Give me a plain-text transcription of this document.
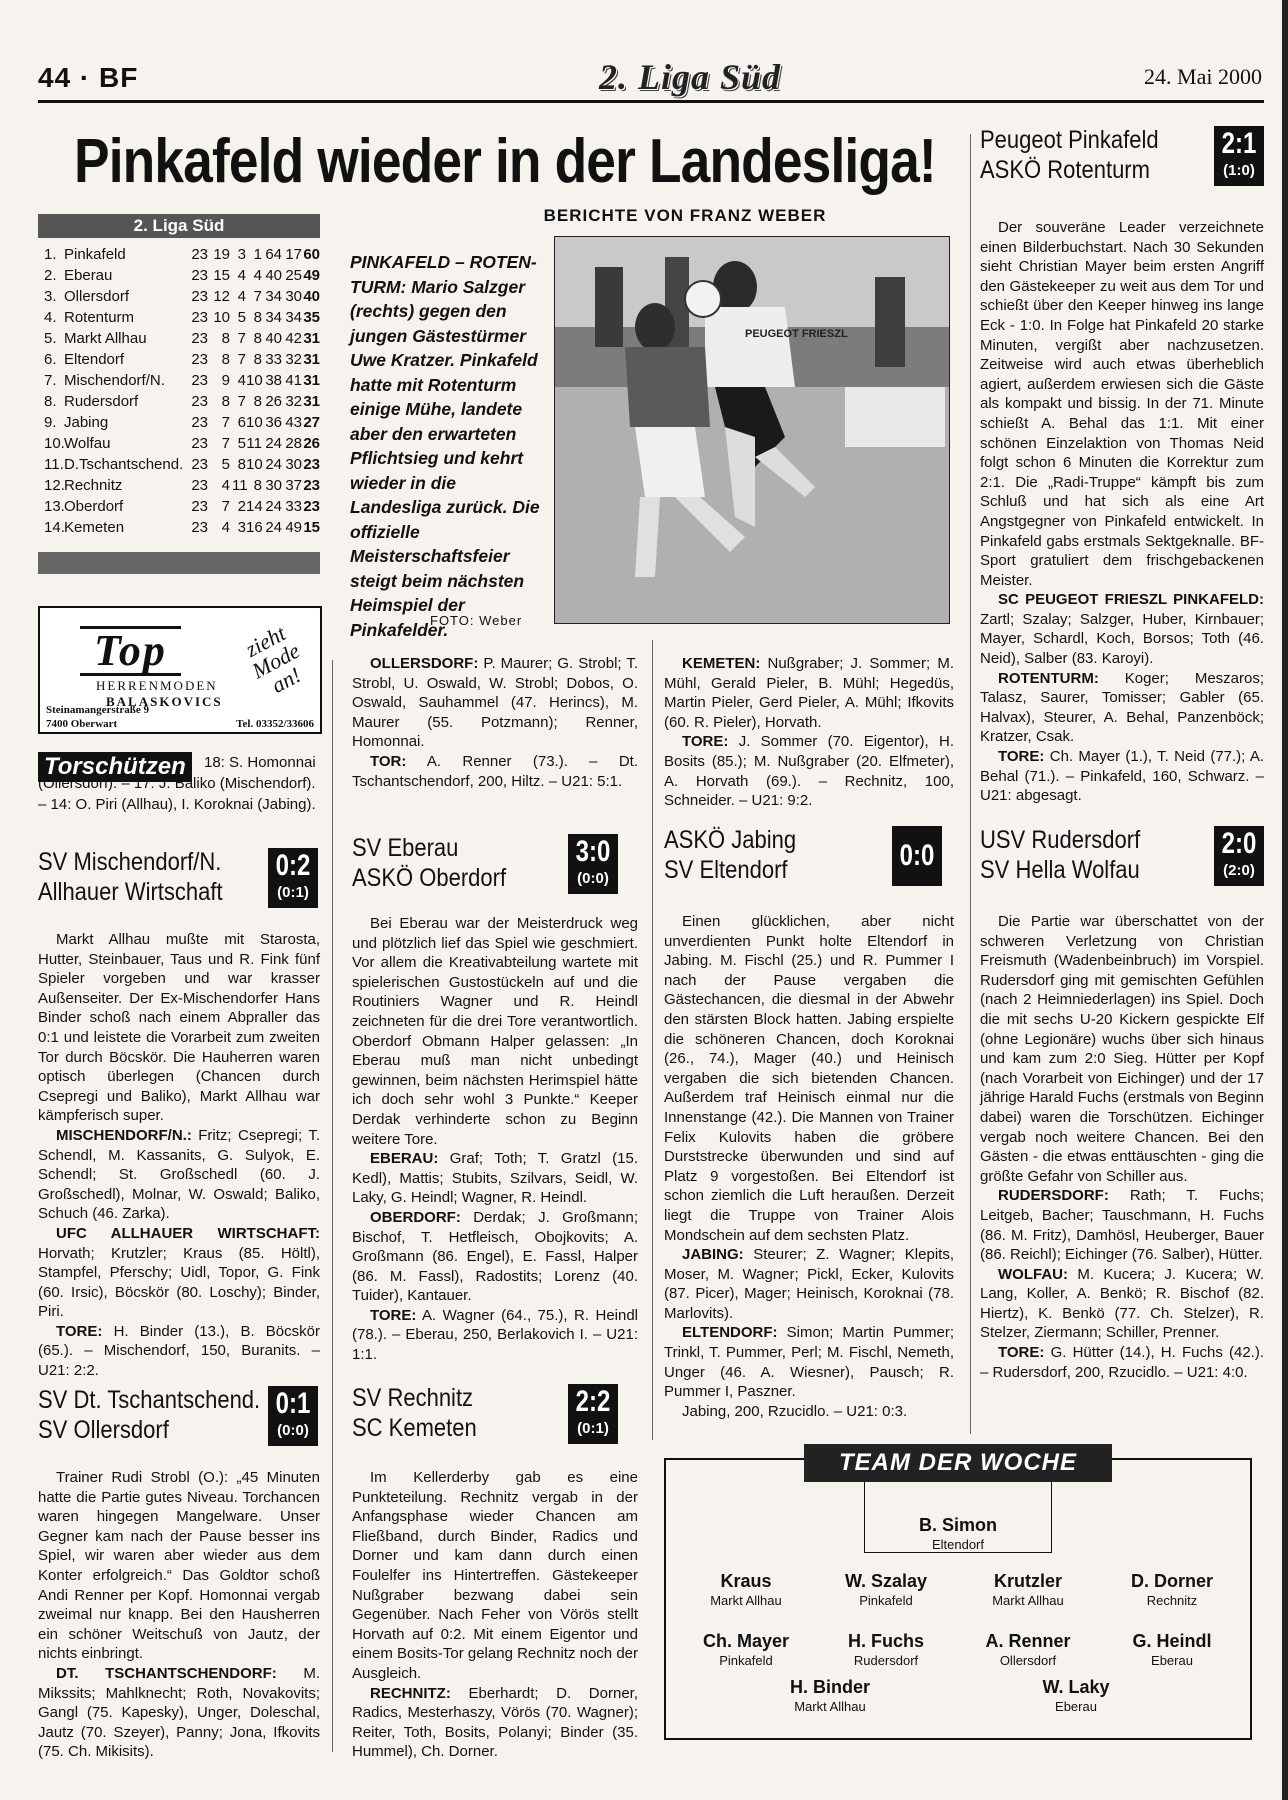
44 · BF	2. Liga Süd	24. Mai 2000
Pinkafeld wieder in der Landesliga!
BERICHTE VON FRANZ WEBER
2. Liga Süd
1. Pinkafeld	23 19 3 1 64 17 60
2. Eberau	23 15 4 4 40 25 49
3. Ollersdorf	23 12 4 7 34 30 40
4. Rotenturm	23 10 5 8 34 34 35
5. Markt Allhau	23 8 7 8 40 42 31
6. Eltendorf	23 8 7 8 33 32 31
7. Mischendorf/N.	23 9 4 10 38 41 31
8. Rudersdorf	23 8 7 8 26 32 31
9. Jabing	23 7 6 10 36 43 27
10. Wolfau	23 7 5 11 24 28 26
11. D.Tschantschend. 23 5 8 10 24 30 23
12. Rechnitz	23 4 11 8 30 37 23
13. Oberdorf	23 7 2 14 24 33 23
14. Kemeten	23 4 3 16 24 49 15
Top
HERRENMODEN
BALASKOVICS
zieht Mode an!
Steinamangerstraße 9
7400 Oberwart	Tel. 03352/33606
Torschützen	18: S. Homonnai (Ollersdorf). – 17: J. Baliko (Mischendorf). – 14: O. Piri (Allhau), I. Koroknai (Jabing).
PINKAFELD – ROTEN-TURM: Mario Salzger (rechts) gegen den jungen Gästestürmer Uwe Kratzer. Pinkafeld hatte mit Rotenturm einige Mühe, landete aber den erwarteten Pflichtsieg und kehrt wieder in die Landesliga zurück. Die offizielle Meisterschaftsfeier steigt beim nächsten Heimspiel der Pinkafelder.
FOTO: Weber
PEUGEOT FRIESZL
Peugeot Pinkafeld
ASKÖ Rotenturm
2:1
(1:0)
SV Mischendorf/N.
Allhauer Wirtschaft
0:2
(0:1)
SV Eberau
ASKÖ Oberdorf
3:0
(0:0)
ASKÖ Jabing
SV Eltendorf	0:0 USV Rudersdorf
SV Hella Wolfau
2:0
(2:0)
SV Dt. Tschantschend.
SV Ollersdorf
0:1
(0:0)
SV Rechnitz
SC Kemeten
2:2
(0:1)

Der souveräne Leader verzeichnete einen Bilderbuchstart. Nach 30 Sekunden sieht Christian Mayer beim ersten Angriff den Gästekeeper zu weit aus dem Tor und schießt über den Keeper hinweg ins lange Eck - 1:0. In Folge hat Pinkafeld 20 starke Minuten, vergißt aber nachzusetzen. Zeitweise wird auch etwas überheblich agiert, außerdem erwiesen sich die Gäste als kompakt und bissig. In der 71. Minute schießt A. Behal das 1:1. Mit einer schönen Einzelaktion von Thomas Neid folgt schon 6 Minuten die Korrektur zum 2:1. Die „Radi-Truppe“ kämpft bis zum Schluß und hat sich als eine Art Angstgegner von Pinkafeld entwickelt. In Pinkafeld gabs erstmals Sektgeknalle. BF-Sport gratuliert dem frischgebackenen Meister.

SC PEUGEOT FRIESZL PINKAFELD: Zartl; Szalay; Salzger, Huber, Kirnbauer; Mayer, Schardl, Koch, Borsos; Toth (46. Neid), Salber (83. Karoyi).

ROTENTURM: Koger; Meszaros; Talasz, Saurer, Tomisser; Gabler (65. Halvax), Steurer, A. Behal, Panzenböck; Kratzer, Csak.

TORE: Ch. Mayer (1.), T. Neid (77.); A. Behal (71.). – Pinkafeld, 160, Schwarz. – U21: abgesagt.

Markt Allhau mußte mit Starosta, Hutter, Steinbauer, Taus und R. Fink fünf Spieler vorgeben und war krasser Außenseiter. Der Ex-Mischendorfer Hans Binder schoß nach einem Abpraller das 0:1 und leistete die Vorarbeit zum zweiten Tor durch Böcskör. Die Hauherren waren optisch überlegen (Chancen durch Csepregi und Baliko), Markt Allhau war kämpferisch super.

MISCHENDORF/N.: Fritz; Csepregi; T. Schendl, M. Kassanits, G. Sulyok, E. Schendl; St. Großschedl (60. J. Großschedl), Molnar, W. Oswald; Baliko, Schuch (46. Zarka).

UFC ALLHAUER WIRTSCHAFT: Horvath; Krutzler; Kraus (85. Höltl), Stampfel, Pferschy; Uidl, Topor, G. Fink (60. Irsic), Böcskör (80. Loschy); Binder, Piri.

TORE: H. Binder (13.), B. Böcskör (65.). – Mischendorf, 150, Buranits. – U21: 2:2.

Trainer Rudi Strobl (O.): „45 Minuten hatte die Partie gutes Niveau. Torchancen waren hingegen Mangelware. Unser Gegner kam nach der Pause besser ins Spiel, wir waren aber wieder aus dem Konter erfolgreich.“ Das Goldtor schoß Andi Renner per Kopf. Homonnai vergab zweimal nur knapp. Bei den Hausherren ein schöner Weitschuß von Jautz, der nichts einbringt.

DT. TSCHANTSCHENDORF: M. Mikssits; Mahlknecht; Roth, Novakovits; Gangl (75. Kapesky), Unger, Doleschal, Jautz (70. Szeyer), Panny; Jona, Ifkovits (75. Ch. Mikisits).

OLLERSDORF: P. Maurer; G. Strobl; T. Strobl, U. Oswald, W. Strobl; Dobos, O. Oswald, Sauhammel (47. Herincs), M. Maurer (55. Potzmann); Renner, Homonnai.

TOR: A. Renner (73.). – Dt. Tschantschendorf, 200, Hiltz. – U21: 5:1.

Bei Eberau war der Meisterdruck weg und plötzlich lief das Spiel wie geschmiert. Vor allem die Kreativabteilung wartete mit spielerischen Gustostückeln auf und die Routiniers Wagner und R. Heindl zeichneten für die drei Tore verantwortlich. Oberdorf Obmann Halper gelassen: „In Eberau muß man nicht unbedingt gewinnen, beim nächsten Herimspiel hätte ich doch sehr wohl 3 Punkte.“ Keeper Derdak verhinderte schon zu Beginn weitere Tore.

EBERAU: Graf; Toth; T. Gratzl (15. Kedl), Mattis; Stubits, Szilvars, Seidl, W. Laky, G. Heindl; Wagner, R. Heindl.

OBERDORF: Derdak; J. Großmann; Bischof, T. Hetfleisch, Obojkovits; A. Großmann (86. Engel), E. Fassl, Halper (86. M. Fassl), Radostits; Lorenz (40. Tuider), Kantauer.

TORE: A. Wagner (64., 75.), R. Heindl (78.). – Eberau, 250, Berlakovich I. – U21: 1:1.

Im Kellerderby gab es eine Punkteteilung. Rechnitz vergab in der Anfangsphase wieder Chancen am Fließband, durch Binder, Radics und Dorner und kam dann durch einen Foulelfer ins Hintertreffen. Gästekeeper Nußgraber bezwang dabei sein Gegenüber. Nach Feher von Vörös stellt Horvath auf 0:2. Mit einem Eigentor und einem Bosits-Tor gelang Rechnitz noch der Ausgleich.

RECHNITZ: Eberhardt; D. Dorner, Radics, Mesterhaszy, Vörös (70. Wagner); Reiter, Toth, Bosits, Polanyi; Binder (35. Hummel), Ch. Dorner.

KEMETEN: Nußgraber; J. Sommer; M. Mühl, Gerald Pieler, B. Mühl; Hegedüs, Martin Pieler, Gerd Pieler, A. Mühl; Ifkovits (60. R. Pieler), Horvath.

TORE: J. Sommer (70. Eigentor), H. Bosits (85.); M. Nußgraber (20. Elfmeter), A. Horvath (69.). – Rechnitz, 100, Schneider. – U21: 9:2.

Einen glücklichen, aber nicht unverdienten Punkt holte Eltendorf in Jabing. M. Fischl (25.) und R. Pummer I nach der Pause vergaben die Gästechancen, die diesmal in der Abwehr den stärsten Block hatten. Jabing erspielte die schöneren Chancen, doch Koroknai (26., 74.), Mager (40.) und Heinisch vergaben die sich bietenden Chancen. Außerdem traf Heinisch einmal nur die Innenstange (42.). Die Mannen von Trainer Felix Kulovits haben die gröbere Durststrecke überwunden und sind auf Platz 9 vorgestoßen. Bei Eltendorf ist schon ziemlich die Luft heraußen. Derzeit liegt die Truppe von Trainer Alois Mondschein auf dem sechsten Platz.

JABING: Steurer; Z. Wagner; Klepits, Moser, M. Wagner; Pickl, Ecker, Kulovits (87. Picer), Mager; Heinisch, Koroknai (78. Marlovits).

ELTENDORF: Simon; Martin Pummer; Trinkl, T. Pummer, Perl; M. Fischl, Nemeth, Unger (46. A. Wiesner), Pausch; R. Pummer I, Paszner.

Jabing, 200, Rzucidlo. – U21: 0:3.

Die Partie war überschattet von der schweren Verletzung von Christian Freismuth (Wadenbeinbruch) im Vorspiel. Rudersdorf ging mit gemischten Gefühlen (nach 2 Heimniederlagen) ins Spiel. Doch die mit sechs U-20 Kickern gespickte Elf (ohne Legionäre) wuchs über sich hinaus und kam zum 2:0 Sieg. Hütter per Kopf (nach Vorarbeit von Eichinger) und der 17 jährige Harald Fuchs (erstmals von Beginn dabei) waren die Torschützen. Eichinger vergab noch weitere Chancen. Bei den Gästen - die etwas enttäuschten - ging die größte Gefahr von Schiller aus.

RUDERSDORF: Rath; T. Fuchs; Leitgeb, Bacher; Tauschmann, H. Fuchs (86. M. Fritz), Damhösl, Heuberger, Bauer (86. Reichl); Eichinger (76. Salber), Hütter.

WOLFAU: M. Kucera; J. Kucera; W. Lang, Koller, A. Benkö; R. Bischof (82. Hiertz), K. Benkö (77. Ch. Stelzer), R. Stelzer, Ziermann; Schiller, Prenner.

TORE: G. Hütter (14.), H. Fuchs (42.). – Rudersdorf, 200, Rzucidlo. – U21: 4:0.

TEAM DER WOCHE
B. Simon
Eltendorf
Kraus
Markt Allhau
W. Szalay
Pinkafeld
Krutzler
Markt Allhau
D. Dorner
Rechnitz
Ch. Mayer
Pinkafeld
H. Fuchs
Rudersdorf
A. Renner
Ollersdorf
G. Heindl
Eberau
H. Binder
Markt Allhau
W. Laky
Eberau
